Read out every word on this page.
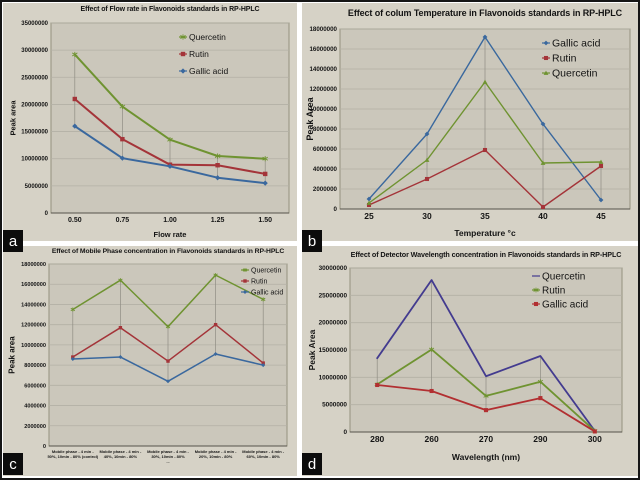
Effect of Flow rate in Flavonoids standards in RP-HPLC
Peak area
0
5000000
10000000
15000000
20000000
25000000
30000000
35000000
0.50	0.75	1.00	1.25	1.50
Quercetin
Rutin
Gallic acid
Flow rate
a
Effect of colum Temperature in Flavonoids standards in RP-HPLC
Peak Area
0
2000000
4000000
6000000
8000000
10000000
12000000
14000000
16000000
18000000
25	30	35	40	45
Gallic acid
Rutin
Quercetin
Temperature °c
b
Effect of Mobile Phase concentration in Flavonoids standards in RP-HPLC
Peak area
0
2000000
4000000
6000000
8000000
10000000
12000000
14000000
16000000
18000000
Mobile phase - 4 min -50%, 10min - 80% (control)
Mobile phase - 4 min -40%, 10min - 80%
Mobile phase - 4 min -30%, 10min - 80% ...
Mobile phase - 4 min -20%, 10min - 80%
Mobile phase - 4 min -60%, 10min - 80%
Quercetin
Rutin
Gallic acid
c
Effect of Detector Wavelength concentration in Flavonoids standards in RP-HPLC
Peak Area
0
5000000
10000000
15000000
20000000
25000000
30000000
280	260	270	290	300
Quercetin
Rutin
Gallic acid
Wavelength (nm)
d
